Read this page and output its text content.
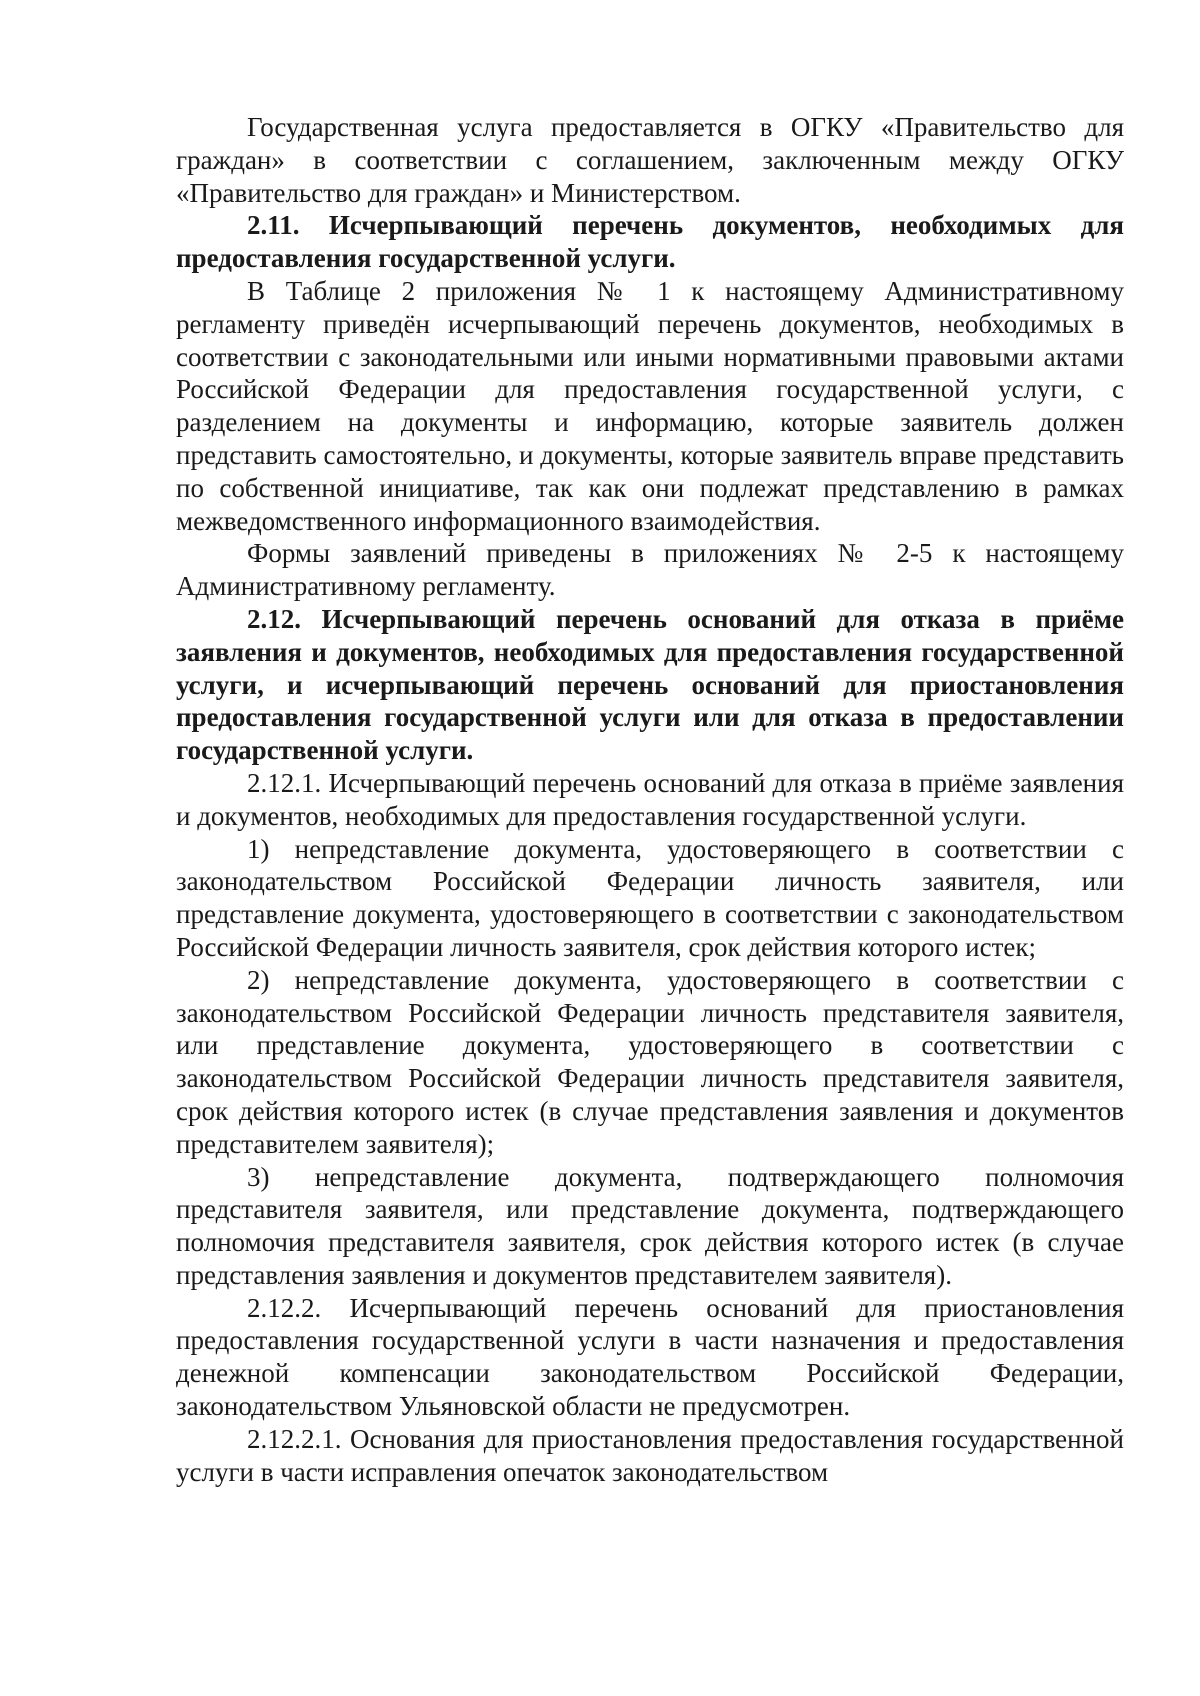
Государственная услуга предоставляется в ОГКУ «Правительство для граждан» в соответствии с соглашением, заключенным между ОГКУ «Правительство для граждан» и Министерством.

2.11. Исчерпывающий перечень документов, необходимых для предоставления государственной услуги.

В Таблице 2 приложения № 1 к настоящему Административному регламенту приведён исчерпывающий перечень документов, необходимых в соответствии с законодательными или иными нормативными правовыми актами Российской Федерации для предоставления государственной услуги, с разделением на документы и информацию, которые заявитель должен представить самостоятельно, и документы, которые заявитель вправе представить по собственной инициативе, так как они подлежат представлению в рамках межведомственного информационного взаимодействия.

Формы заявлений приведены в приложениях № 2-5 к настоящему Административному регламенту.

2.12. Исчерпывающий перечень оснований для отказа в приёме заявления и документов, необходимых для предоставления государственной услуги, и исчерпывающий перечень оснований для приостановления предоставления государственной услуги или для отказа в предоставлении государственной услуги.

2.12.1. Исчерпывающий перечень оснований для отказа в приёме заявления и документов, необходимых для предоставления государственной услуги.

1) непредставление документа, удостоверяющего в соответствии с законодательством Российской Федерации личность заявителя, или представление документа, удостоверяющего в соответствии с законодательством Российской Федерации личность заявителя, срок действия которого истек;

2) непредставление документа, удостоверяющего в соответствии с законодательством Российской Федерации личность представителя заявителя, или представление документа, удостоверяющего в соответствии с законодательством Российской Федерации личность представителя заявителя, срок действия которого истек (в случае представления заявления и документов представителем заявителя);

3) непредставление документа, подтверждающего полномочия представителя заявителя, или представление документа, подтверждающего полномочия представителя заявителя, срок действия которого истек (в случае представления заявления и документов представителем заявителя).

2.12.2. Исчерпывающий перечень оснований для приостановления предоставления государственной услуги в части назначения и предоставления денежной компенсации законодательством Российской Федерации, законодательством Ульяновской области не предусмотрен.

2.12.2.1. Основания для приостановления предоставления государственной услуги в части исправления опечаток законодательством
